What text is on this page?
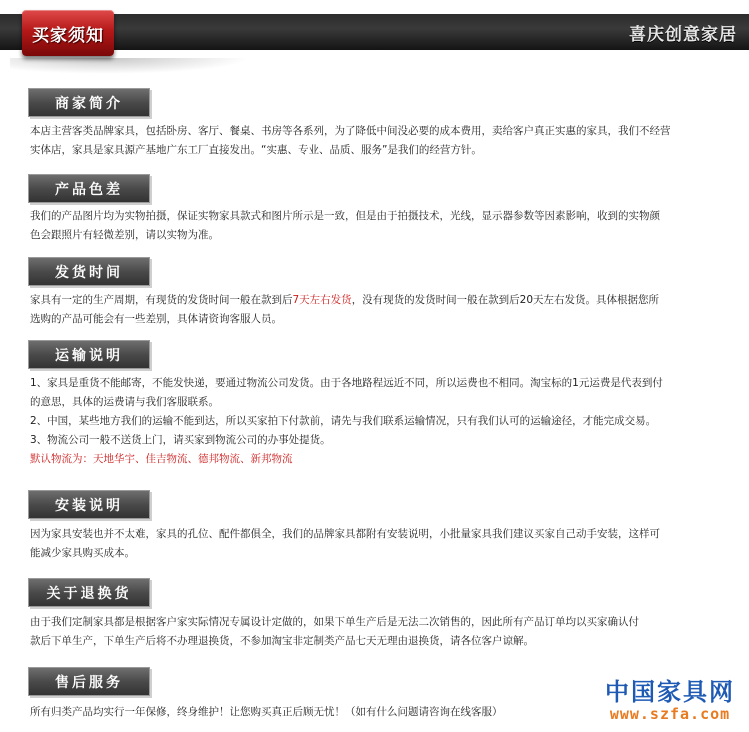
买家须知	喜庆创意家居
商家简介
本店主营客类品牌家具，包括卧房、客厅、餐桌、书房等各系列，为了降低中间没必要的成本费用，卖给客户真正实惠的家具，我们不经营
实体店，家具是家具源产基地广东工厂直接发出。“实惠、专业、品质、服务”是我们的经营方针。
产品色差
我们的产品图片均为实物拍摄，保证实物家具款式和图片所示是一致，但是由于拍摄技术，光线，显示器参数等因素影响，收到的实物颜
色会跟照片有轻微差别，请以实物为准。
发货时间
家具有一定的生产周期，有现货的发货时间一般在款到后7天左右发货，没有现货的发货时间一般在款到后20天左右发货。具体根据您所
选购的产品可能会有一些差别，具体请资询客服人员。
运输说明
1、家具是重货不能邮寄，不能发快递，要通过物流公司发货。由于各地路程远近不同，所以运费也不相同。淘宝标的1元运费是代表到付
的意思，具体的运费请与我们客服联系。
2、中国，某些地方我们的运输不能到达，所以买家拍下付款前，请先与我们联系运输情况，只有我们认可的运输途径，才能完成交易。
3、物流公司一般不送货上门，请买家到物流公司的办事处提货。
默认物流为：天地华宇、佳吉物流、德邦物流、新邦物流
安装说明
因为家具安装也并不太难，家具的孔位、配件都俱全，我们的品牌家具都附有安装说明，小批量家具我们建议买家自己动手安装，这样可
能减少家具购买成本。
关于退换货
由于我们定制家具都是根据客户家实际情况专属设计定做的，如果下单生产后是无法二次销售的，因此所有产品订单均以买家确认付
款后下单生产，下单生产后将不办理退换货，不参加淘宝非定制类产品七天无理由退换货，请各位客户谅解。
售后服务
所有归类产品均实行一年保修，终身维护！让您购买真正后顾无忧！（如有什么问题请咨询在线客服）
中国家具网
www.szfa.com
